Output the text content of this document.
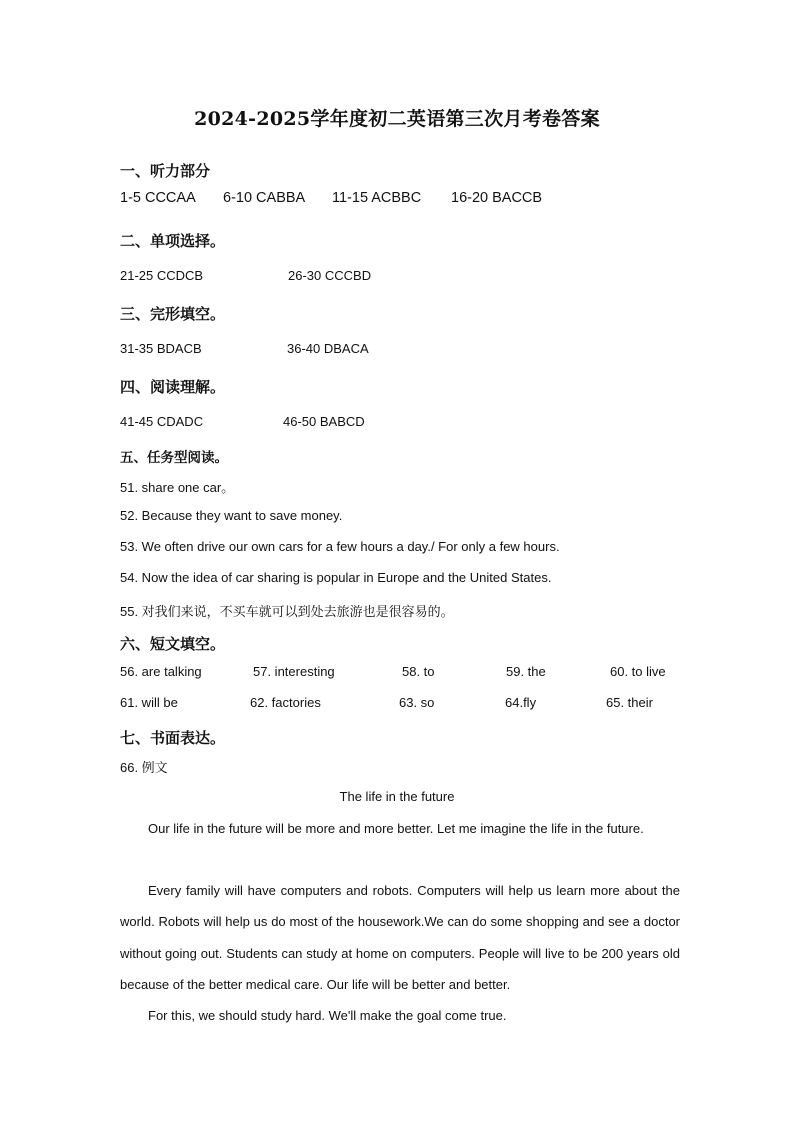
2024-2025学年度初二英语第三次月考卷答案
一、听力部分
1-5 CCCAA 6-10 CABBA 11-15 ACBBC 16-20 BACCB
二、单项选择。
21-25 CCDCB	26-30 CCCBD
三、完形填空。
31-35 BDACB	36-40 DBACA
四、阅读理解。
41-45 CDADC	46-50 BABCD
五、任务型阅读。
51. share one car。
52. Because they want to save money.
53. We often drive our own cars for a few hours a day./ For only a few hours.
54. Now the idea of car sharing is popular in Europe and the United States.
55. 对我们来说，不买车就可以到处去旅游也是很容易的。
六、短文填空。
56. are talking	57. interesting	58. to	59. the	60. to live
61. will be	62. factories	63. so	64.fly	65. their
七、书面表达。
66. 例文
The life in the future
Our life in the future will be more and more better. Let me imagine the life in the future.
Every family will have computers and robots. Computers will help us learn more about the world. Robots will help us do most of the housework.We can do some shopping and see a doctor without going out. Students can study at home on computers. People will live to be 200 years old because of the better medical care. Our life will be better and better.
For this, we should study hard. We'll make the goal come true.
